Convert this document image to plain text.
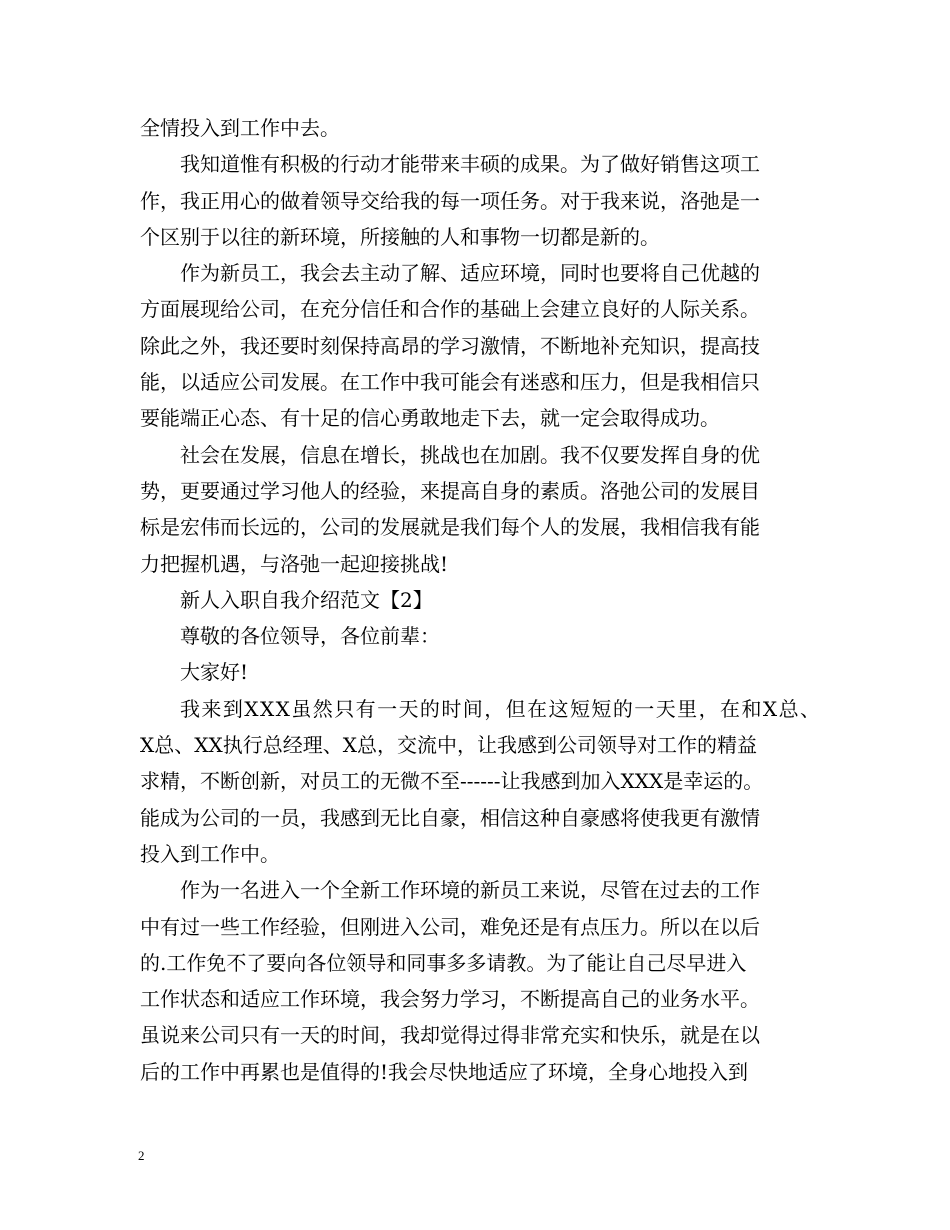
全情投入到工作中去。
我知道惟有积极的行动才能带来丰硕的成果。为了做好销售这项工
作，我正用心的做着领导交给我的每一项任务。对于我来说，洛弛是一
个区别于以往的新环境，所接触的人和事物一切都是新的。
作为新员工，我会去主动了解、适应环境，同时也要将自己优越的
方面展现给公司，在充分信任和合作的基础上会建立良好的人际关系。
除此之外，我还要时刻保持高昂的学习激情，不断地补充知识，提高技
能，以适应公司发展。在工作中我可能会有迷惑和压力，但是我相信只
要能端正心态、有十足的信心勇敢地走下去，就一定会取得成功。
社会在发展，信息在增长，挑战也在加剧。我不仅要发挥自身的优
势，更要通过学习他人的经验，来提高自身的素质。洛弛公司的发展目
标是宏伟而长远的，公司的发展就是我们每个人的发展，我相信我有能
力把握机遇，与洛弛一起迎接挑战!
新人入职自我介绍范文【2】
尊敬的各位领导，各位前辈：
大家好!
我来到XXX虽然只有一天的时间，但在这短短的一天里，在和X总、
X总、XX执行总经理、X总，交流中，让我感到公司领导对工作的精益
求精，不断创新，对员工的无微不至------让我感到加入XXX是幸运的。
能成为公司的一员，我感到无比自豪，相信这种自豪感将使我更有激情
投入到工作中。
作为一名进入一个全新工作环境的新员工来说，尽管在过去的工作
中有过一些工作经验，但刚进入公司，难免还是有点压力。所以在以后
的.工作免不了要向各位领导和同事多多请教。为了能让自己尽早进入
工作状态和适应工作环境，我会努力学习，不断提高自己的业务水平。
虽说来公司只有一天的时间，我却觉得过得非常充实和快乐，就是在以
后的工作中再累也是值得的!我会尽快地适应了环境，全身心地投入到
2
